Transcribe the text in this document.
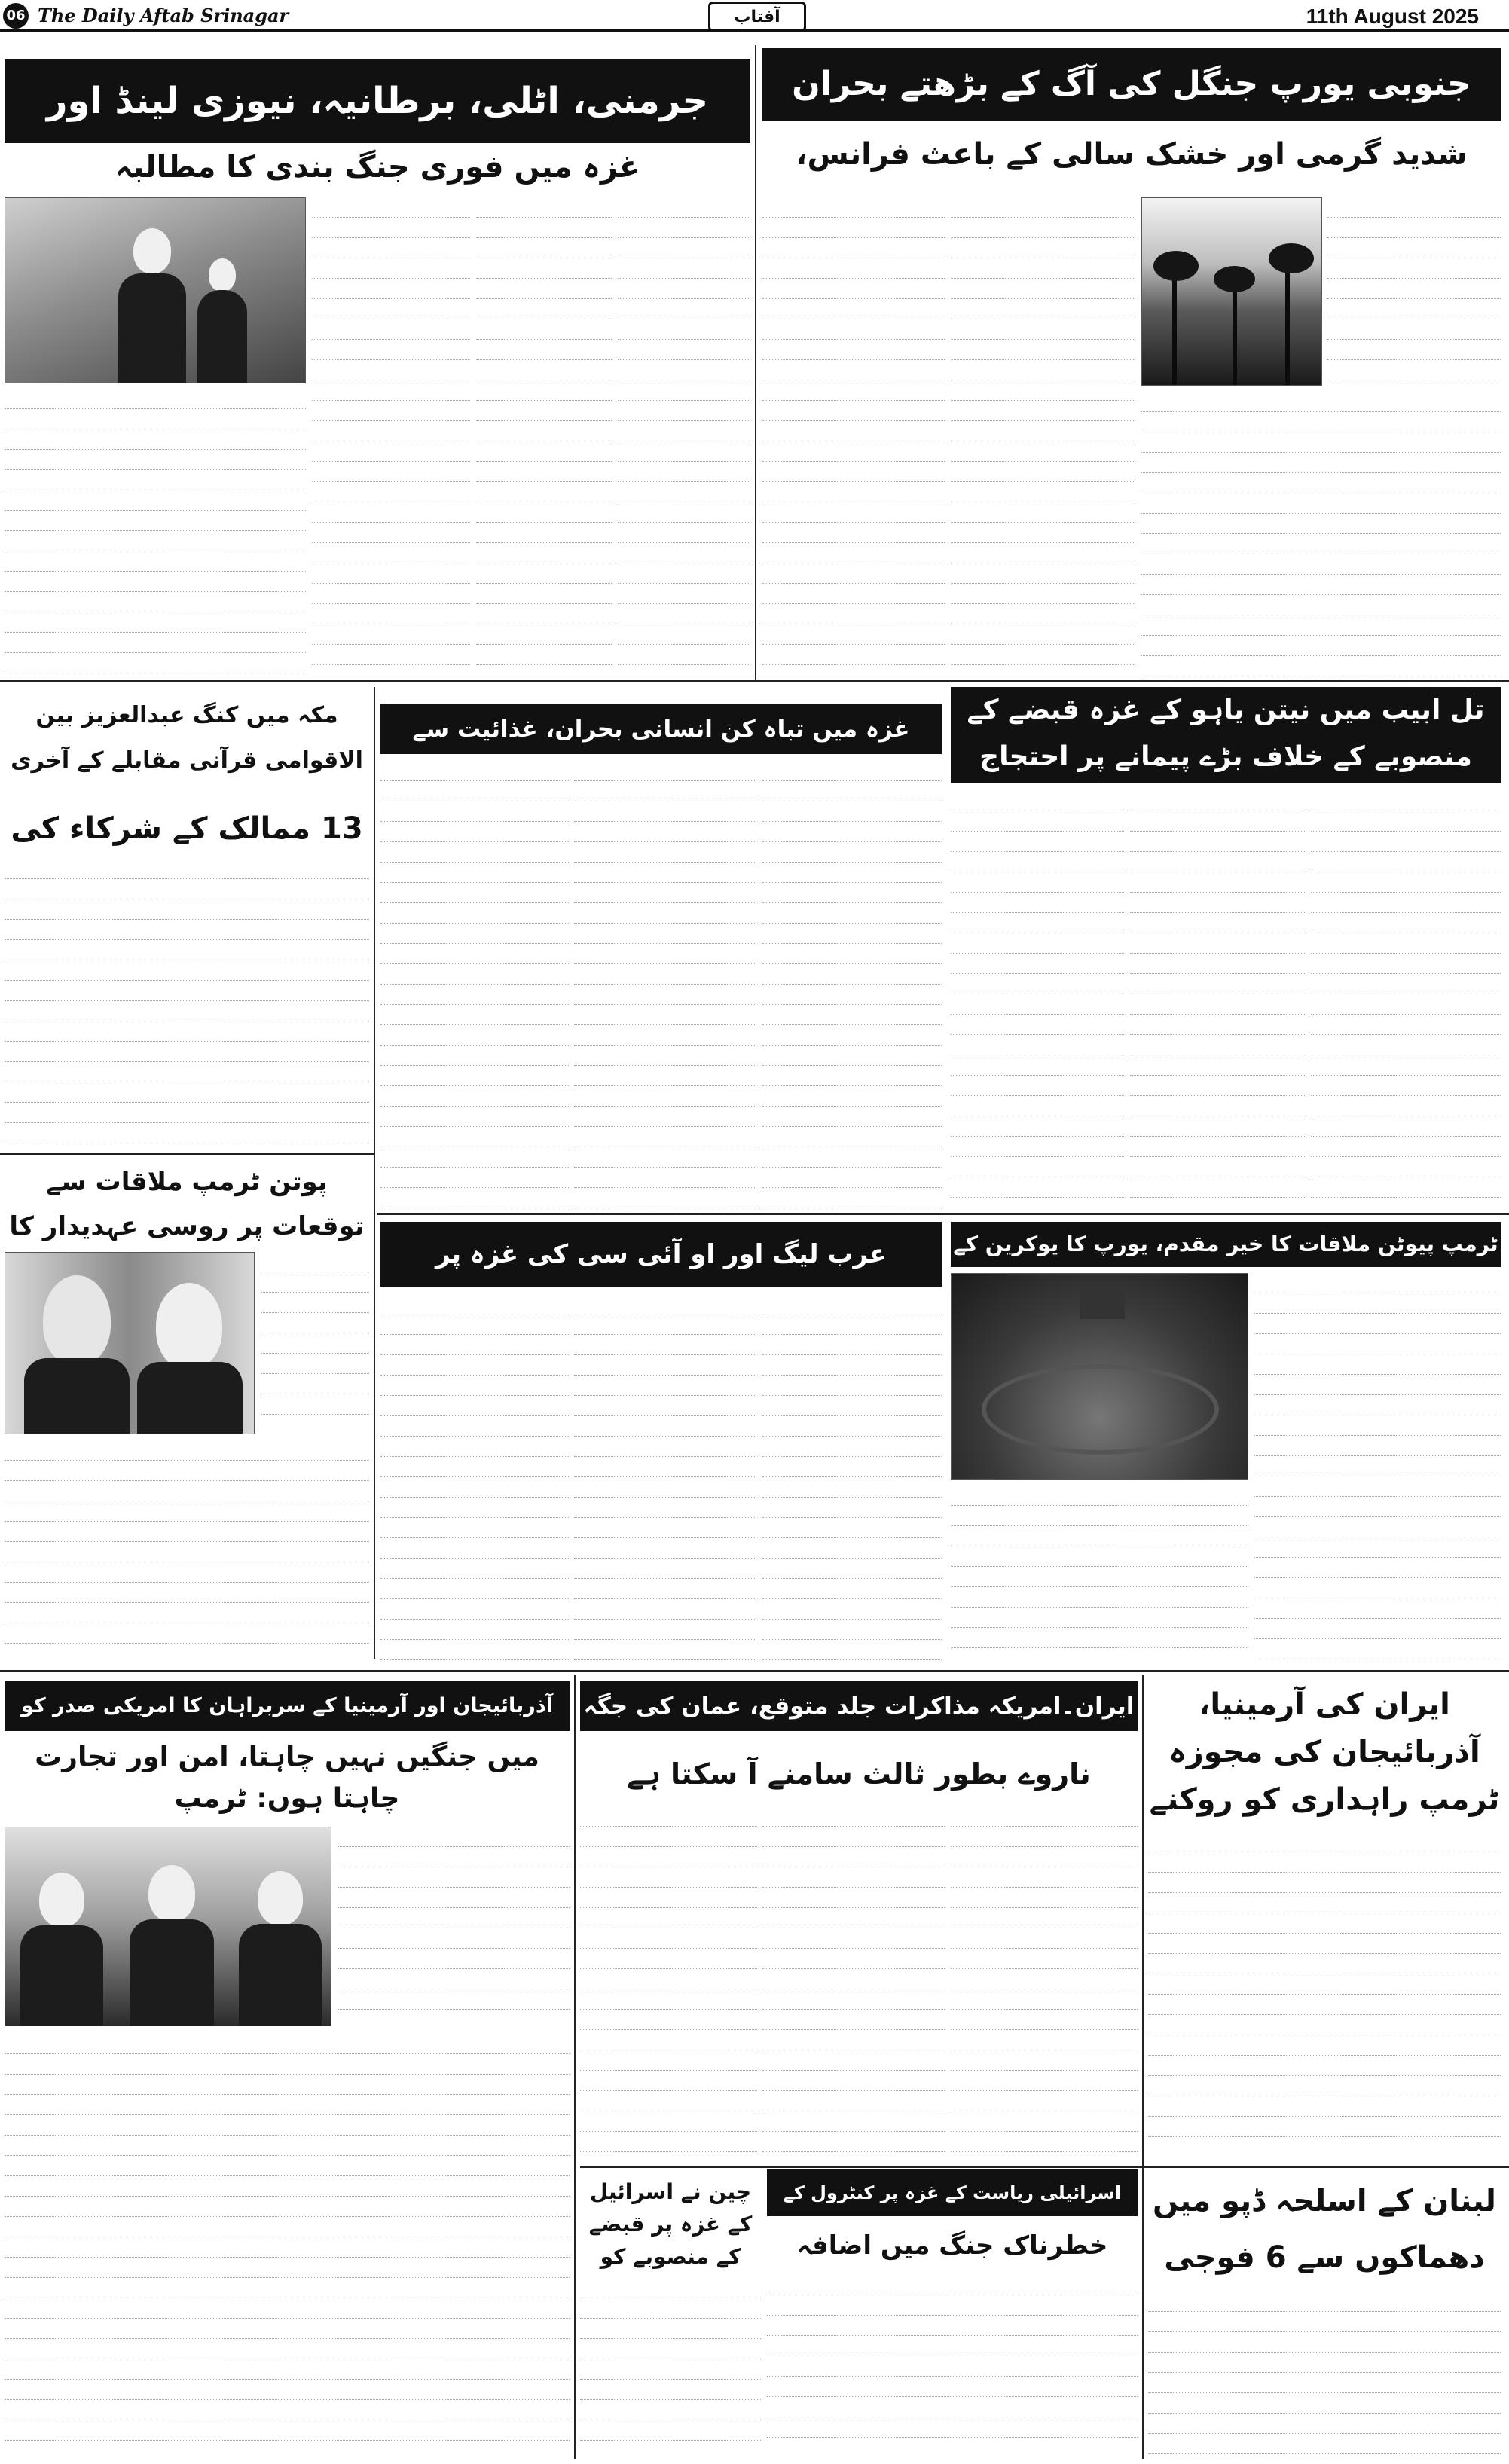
06 The Daily Aftab Srinagar	آفتاب	11th August 2025
جنوبی یورپ جنگل کی آگ کے بڑھتے بحران
شدید گرمی اور خشک سالی کے باعث فرانس،
جرمنی، اٹلی، برطانیہ، نیوزی لینڈ اور
غزہ میں فوری جنگ بندی کا مطالبہ
تل ابیب میں نیتن یاہو کے غزہ قبضے کے منصوبے کے خلاف بڑے پیمانے پر احتجاج
غزہ میں تباہ کن انسانی بحران، غذائیت سے
مکہ میں کنگ عبدالعزیز بین الاقوامی قرآنی مقابلے کے آخری
13 ممالک کے شرکاء کی
پوتن ٹرمپ ملاقات سے توقعات پر روسی عہدیدار کا
ٹرمپ پیوٹن ملاقات کا خیر مقدم، یورپ کا یوکرین کے
عرب لیگ اور او آئی سی کی غزہ پر
آذربائیجان اور آرمینیا کے سربراہان کا امریکی صدر کو
میں جنگیں نہیں چاہتا، امن اور تجارت چاہتا ہوں: ٹرمپ
ایران۔امریکہ مذاکرات جلد متوقع، عمان کی جگہ
ناروے بطور ثالث سامنے آ سکتا ہے
ایران کی آرمینیا، آذربائیجان کی مجوزہ ٹرمپ راہداری کو روکنے
چین نے اسرائیل کے غزہ پر قبضے کے منصوبے کو
اسرائیلی ریاست کے غزہ پر کنٹرول کے
خطرناک جنگ میں اضافہ
لبنان کے اسلحہ ڈپو میں دھماکوں سے 6 فوجی
